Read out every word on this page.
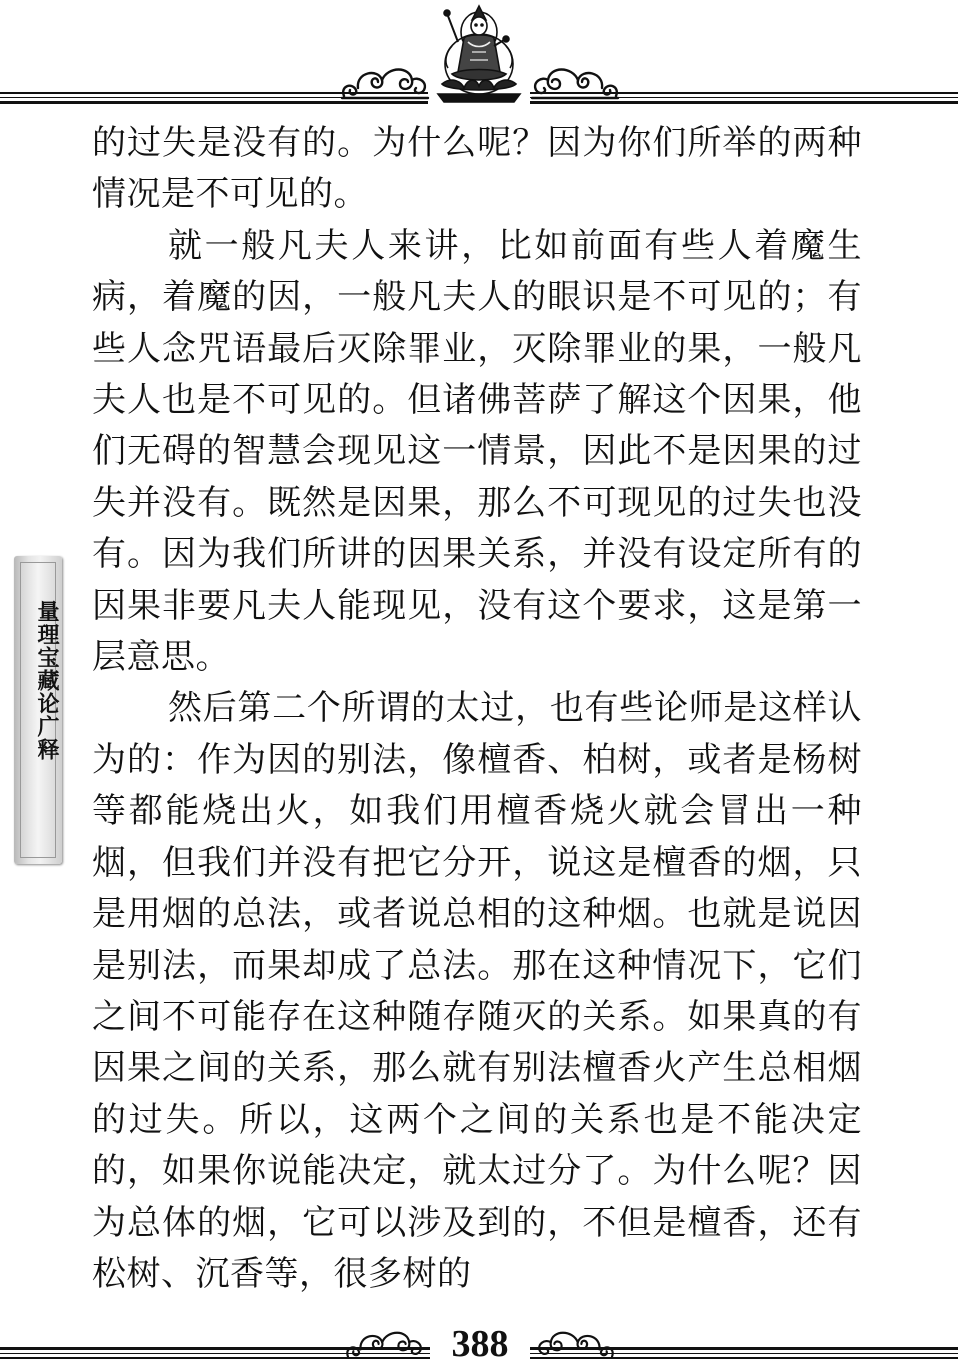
的过失是没有的。为什么呢？因为你们所举的两种情况是不可见的。

就一般凡夫人来讲，比如前面有些人着魔生病，着魔的因，一般凡夫人的眼识是不可见的；有些人念咒语最后灭除罪业，灭除罪业的果，一般凡夫人也是不可见的。但诸佛菩萨了解这个因果，他们无碍的智慧会现见这一情景，因此不是因果的过失并没有。既然是因果，那么不可现见的过失也没有。因为我们所讲的因果关系，并没有设定所有的因果非要凡夫人能现见，没有这个要求，这是第一层意思。

然后第二个所谓的太过，也有些论师是这样认为的：作为因的别法，像檀香、柏树，或者是杨树等都能烧出火，如我们用檀香烧火就会冒出一种烟，但我们并没有把它分开，说这是檀香的烟，只是用烟的总法，或者说总相的这种烟。也就是说因是别法，而果却成了总法。那在这种情况下，它们之间不可能存在这种随存随灭的关系。如果真的有因果之间的关系，那么就有别法檀香火产生总相烟的过失。所以，这两个之间的关系也是不能决定的，如果你说能决定，就太过分了。为什么呢？因为总体的烟，它可以涉及到的，不但是檀香，还有松树、沉香等，很多树的

量理宝藏论广释
388
